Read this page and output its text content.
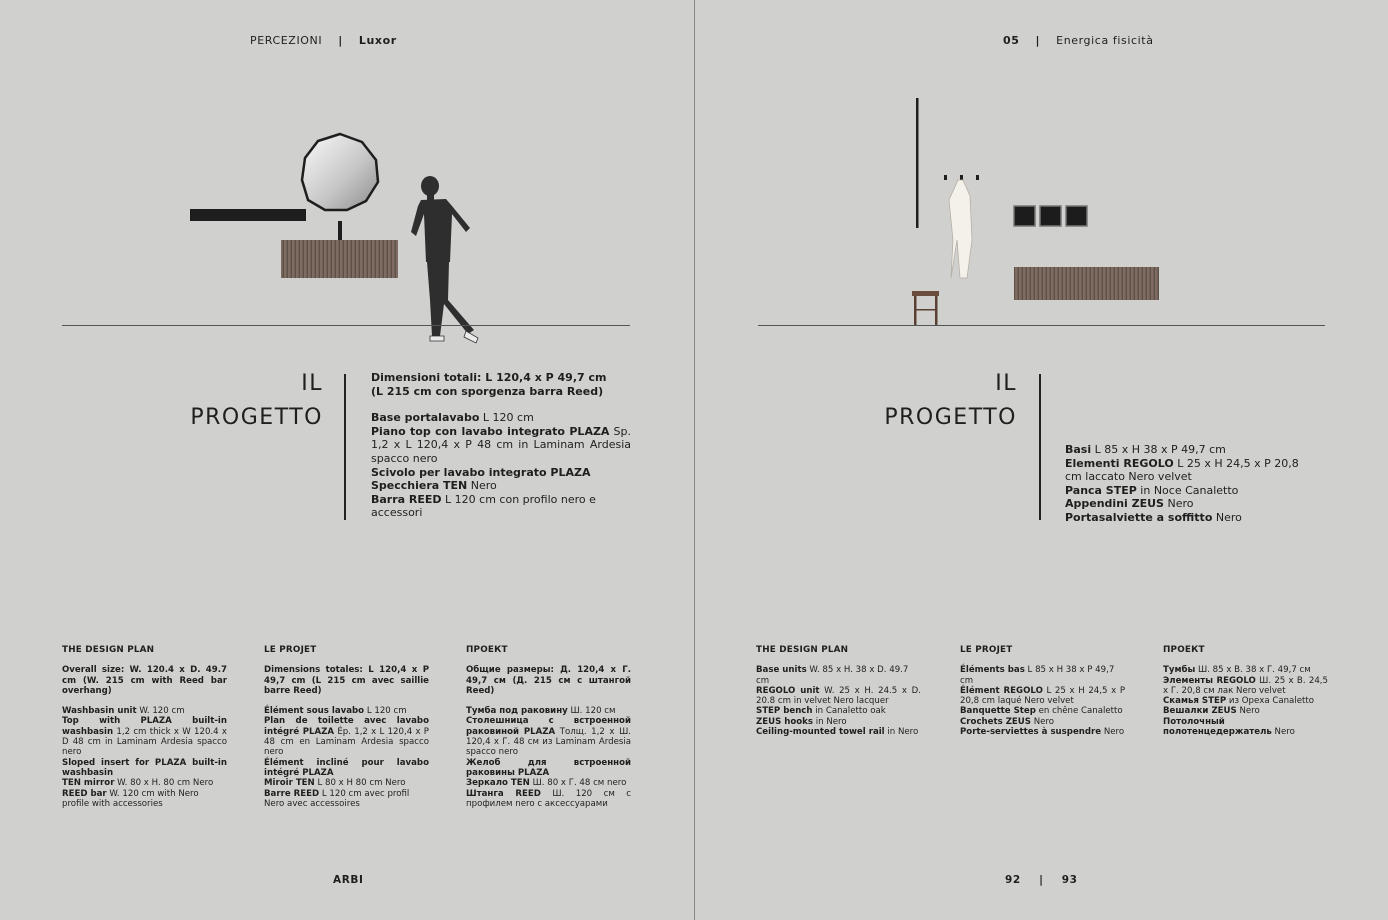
PERCEZIONI | Luxor
IL
PROGETTO

Dimensioni totali: L 120,4 x P 49,7 cm

(L 215 cm con sporgenza barra Reed)

Base portalavabo L 120 cm

Piano top con lavabo integrato PLAZA Sp. 1,2 x L 120,4 x P 48 cm in Laminam Ardesia spacco nero

Scivolo per lavabo integrato PLAZA

Specchiera TEN Nero

Barra REED L 120 cm con profilo nero e accessori

THE DESIGN PLAN

Overall size: W. 120.4 x D. 49.7 cm (W. 215 cm with Reed bar overhang)

Washbasin unit W. 120 cm

Top with PLAZA built-in washbasin 1,2 cm thick x W 120.4 x D 48 cm in Laminam Ardesia spacco nero

Sloped insert for PLAZA built-in washbasin

TEN mirror W. 80 x H. 80 cm Nero

REED bar W. 120 cm with Nero profile with accessories

LE PROJET

Dimensions totales: L 120,4 x P 49,7 cm (L 215 cm avec saillie barre Reed)

Élément sous lavabo L 120 cm

Plan de toilette avec lavabo intégré PLAZA Ép. 1,2 x L 120,4 x P 48 cm en Laminam Ardesia spacco nero

Élément incliné pour lavabo intégré PLAZA

Miroir TEN L 80 x H 80 cm Nero

Barre REED L 120 cm avec profil Nero avec accessoires

ПРОЕКТ

Общие размеры: Д. 120,4 x Г. 49,7 см (Д. 215 см с штангой Reed)

Тумба под раковину Ш. 120 см

Столешница с встроенной раковиной PLAZA Толщ. 1,2 x Ш. 120,4 x Г. 48 см из Laminam Ardesia spacco nero

Желоб для встроенной раковины PLAZA

Зеркало TEN Ш. 80 x Г. 48 см nero

Штанга REED Ш. 120 см с профилем nero с аксессуарами

ARBI
05 | Energica fisicità
IL
PROGETTO

Basi L 85 x H 38 x P 49,7 cm

Elementi REGOLO L 25 x H 24,5 x P 20,8 cm laccato Nero velvet

Panca STEP in Noce Canaletto

Appendini ZEUS Nero

Portasalviette a soffitto Nero

THE DESIGN PLAN

Base units W. 85 x H. 38 x D. 49.7 cm

REGOLO unit W. 25 x H. 24.5 x D. 20.8 cm in velvet Nero lacquer

STEP bench in Canaletto oak

ZEUS hooks in Nero

Ceiling-mounted towel rail in Nero

LE PROJET

Éléments bas L 85 x H 38 x P 49,7 cm

Élément REGOLO L 25 x H 24,5 x P 20,8 cm laqué Nero velvet

Banquette Step en chêne Canaletto

Crochets ZEUS Nero

Porte-serviettes à suspendre Nero

ПРОЕКТ

Тумбы Ш. 85 x В. 38 x Г. 49,7 см

Элементы REGOLO Ш. 25 x В. 24,5 x Г. 20,8 см лак Nero velvet

Скамья STEP из Ореха Canaletto

Вешалки ZEUS Nero

Потолочный полотенцедержатель Nero

92 | 93
